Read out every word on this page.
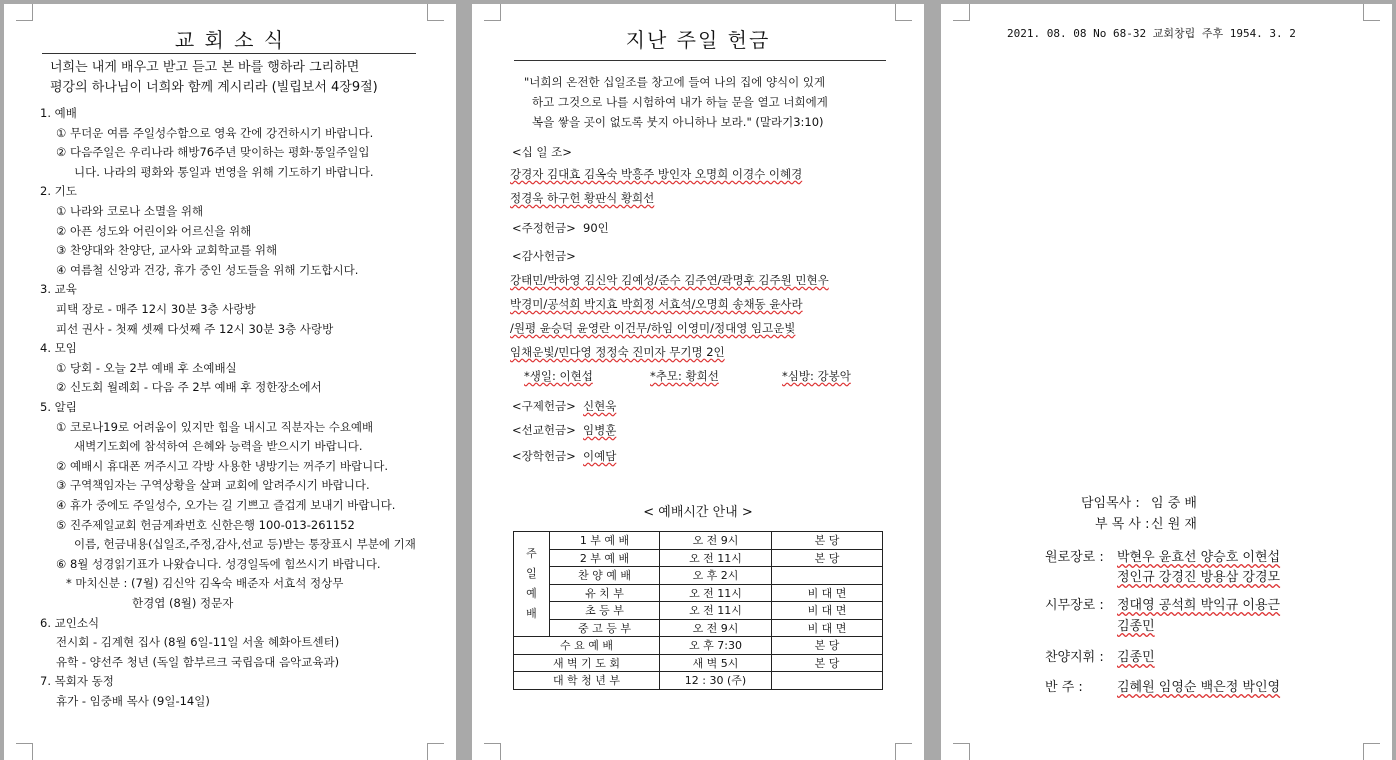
교 회 소 식
너희는 내게 배우고 받고 듣고 본 바를 행하라 그리하면
평강의 하나님이 너희와 함께 계시리라 (빌립보서 4장9절)
1. 예배
① 무더운 여름 주일성수함으로 영육 간에 강건하시기 바랍니다.
② 다음주일은 우리나라 해방76주년 맞이하는 평화·통일주일입
니다. 나라의 평화와 통일과 번영을 위해 기도하기 바랍니다.
2. 기도
① 나라와 코로나 소멸을 위해
② 아픈 성도와 어린이와 어르신을 위해
③ 찬양대와 찬양단, 교사와 교회학교를 위해
④ 여름철 신앙과 건강, 휴가 중인 성도들을 위해 기도합시다.
3. 교육
피택 장로 - 매주 12시 30분 3층 사랑방
피선 권사 - 첫째 셋째 다섯째 주 12시 30분 3층 사랑방
4. 모임
① 당회 - 오늘 2부 예배 후 소예배실
② 신도회 월례회 - 다음 주 2부 예배 후 정한장소에서
5. 알림
① 코로나19로 어려움이 있지만 힘을 내시고 직분자는 수요예배
새벽기도회에 참석하여 은혜와 능력을 받으시기 바랍니다.
② 예배시 휴대폰 꺼주시고 각방 사용한 냉방기는 꺼주기 바랍니다.
③ 구역책임자는 구역상황을 살펴 교회에 알려주시기 바랍니다.
④ 휴가 중에도 주일성수, 오가는 길 기쁘고 즐겁게 보내기 바랍니다.
⑤ 진주제일교회 헌금계좌번호 신한은행 100-013-261152
이름, 헌금내용(십일조,주정,감사,선교 등)받는 통장표시 부분에 기재
⑥ 8월 성경읽기표가 나왔습니다. 성경일독에 힘쓰시기 바랍니다.
* 마치신분 : (7월) 김신악 김옥숙 배준자 서효석 정상무
한경엽 (8월) 정문자
6. 교인소식
전시회 - 김계현 집사 (8월 6일-11일 서울 혜화아트센터)
유학 - 양선주 청년 (독일 함부르크 국립음대 음악교육과)
7. 목회자 동정
휴가 - 임중배 목사 (9일-14일)
지난 주일 헌금
"너희의 온전한 십일조를 창고에 들여 나의 집에 양식이 있게
하고 그것으로 나를 시험하여 내가 하늘 문을 열고 너희에게
복을 쌓을 곳이 없도록 붓지 아니하나 보라." (말라기3:10)
<십 일 조>
강경자 김대효 김옥숙 박흥주 방인자 오명희 이경수 이혜경
정경욱 하구헌 황판식 황희선
<주정헌금> 90인
<감사헌금>
강태민/박하영 김신악 김예성/준수 김주연/곽명후 김주원 민현우
박경미/공석희 박지효 박희정 서효석/오명희 송채동 윤사라
/원평 윤승덕 윤영란 이건무/하임 이영미/정대영 임고운빛
임채운빛/민다영 정정숙 진미자 무기명 2인
*생일: 이현섭	*추모: 황희선	*심방: 강봉악
<구제헌금> 신현욱
<선교헌금> 임병훈
<장학헌금> 이예담
< 예배시간 안내 >
주
일
예
배	1 부 예 배	오 전 9시	본 당
	2 부 예 배	오 전 11시	본 당
	찬 양 예 배	오 후 2시	
	유 치 부	오 전 11시	비 대 면
	초 등 부	오 전 11시	비 대 면
	중 고 등 부	오 전 9시	비 대 면
수 요 예 배		오 후 7:30	본 당
새 벽 기 도 회		새 벽 5시	본 당
대 학 청 년 부		12 : 30 (주)	
2021. 08. 08 No 68-32 교회창립 주후 1954. 3. 2
담임목사 : 임 중 배
부 목 사 : 신 원 재
원로장로 : 박현우 윤효선 양승호 이현섭
정인규 강경진 방용삼 강경모
시무장로 : 정대영 공석희 박익규 이용근
김종민
찬양지휘 : 김종민
반 주 :	김혜원 임영순 백은정 박인영
